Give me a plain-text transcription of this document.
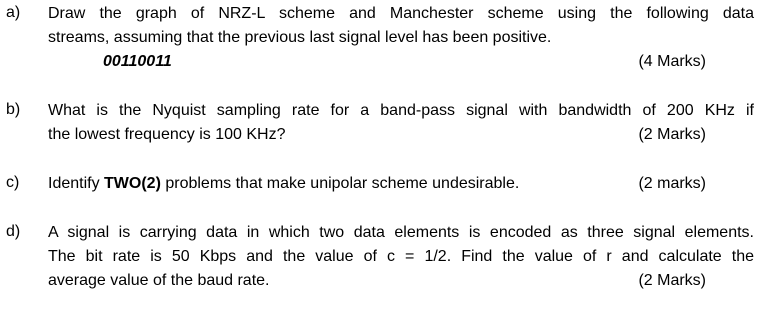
a) Draw the graph of NRZ-L scheme and Manchester scheme using the following data
streams, assuming that the previous last signal level has been positive.
00110011	(4 Marks)
b) What is the Nyquist sampling rate for a band-pass signal with bandwidth of 200 KHz if
the lowest frequency is 100 KHz?	(2 Marks)
c) Identify TWO(2) problems that make unipolar scheme undesirable.	(2 marks)
d) A signal is carrying data in which two data elements is encoded as three signal elements.
The bit rate is 50 Kbps and the value of c = 1/2. Find the value of r and calculate the
average value of the baud rate.	(2 Marks)
